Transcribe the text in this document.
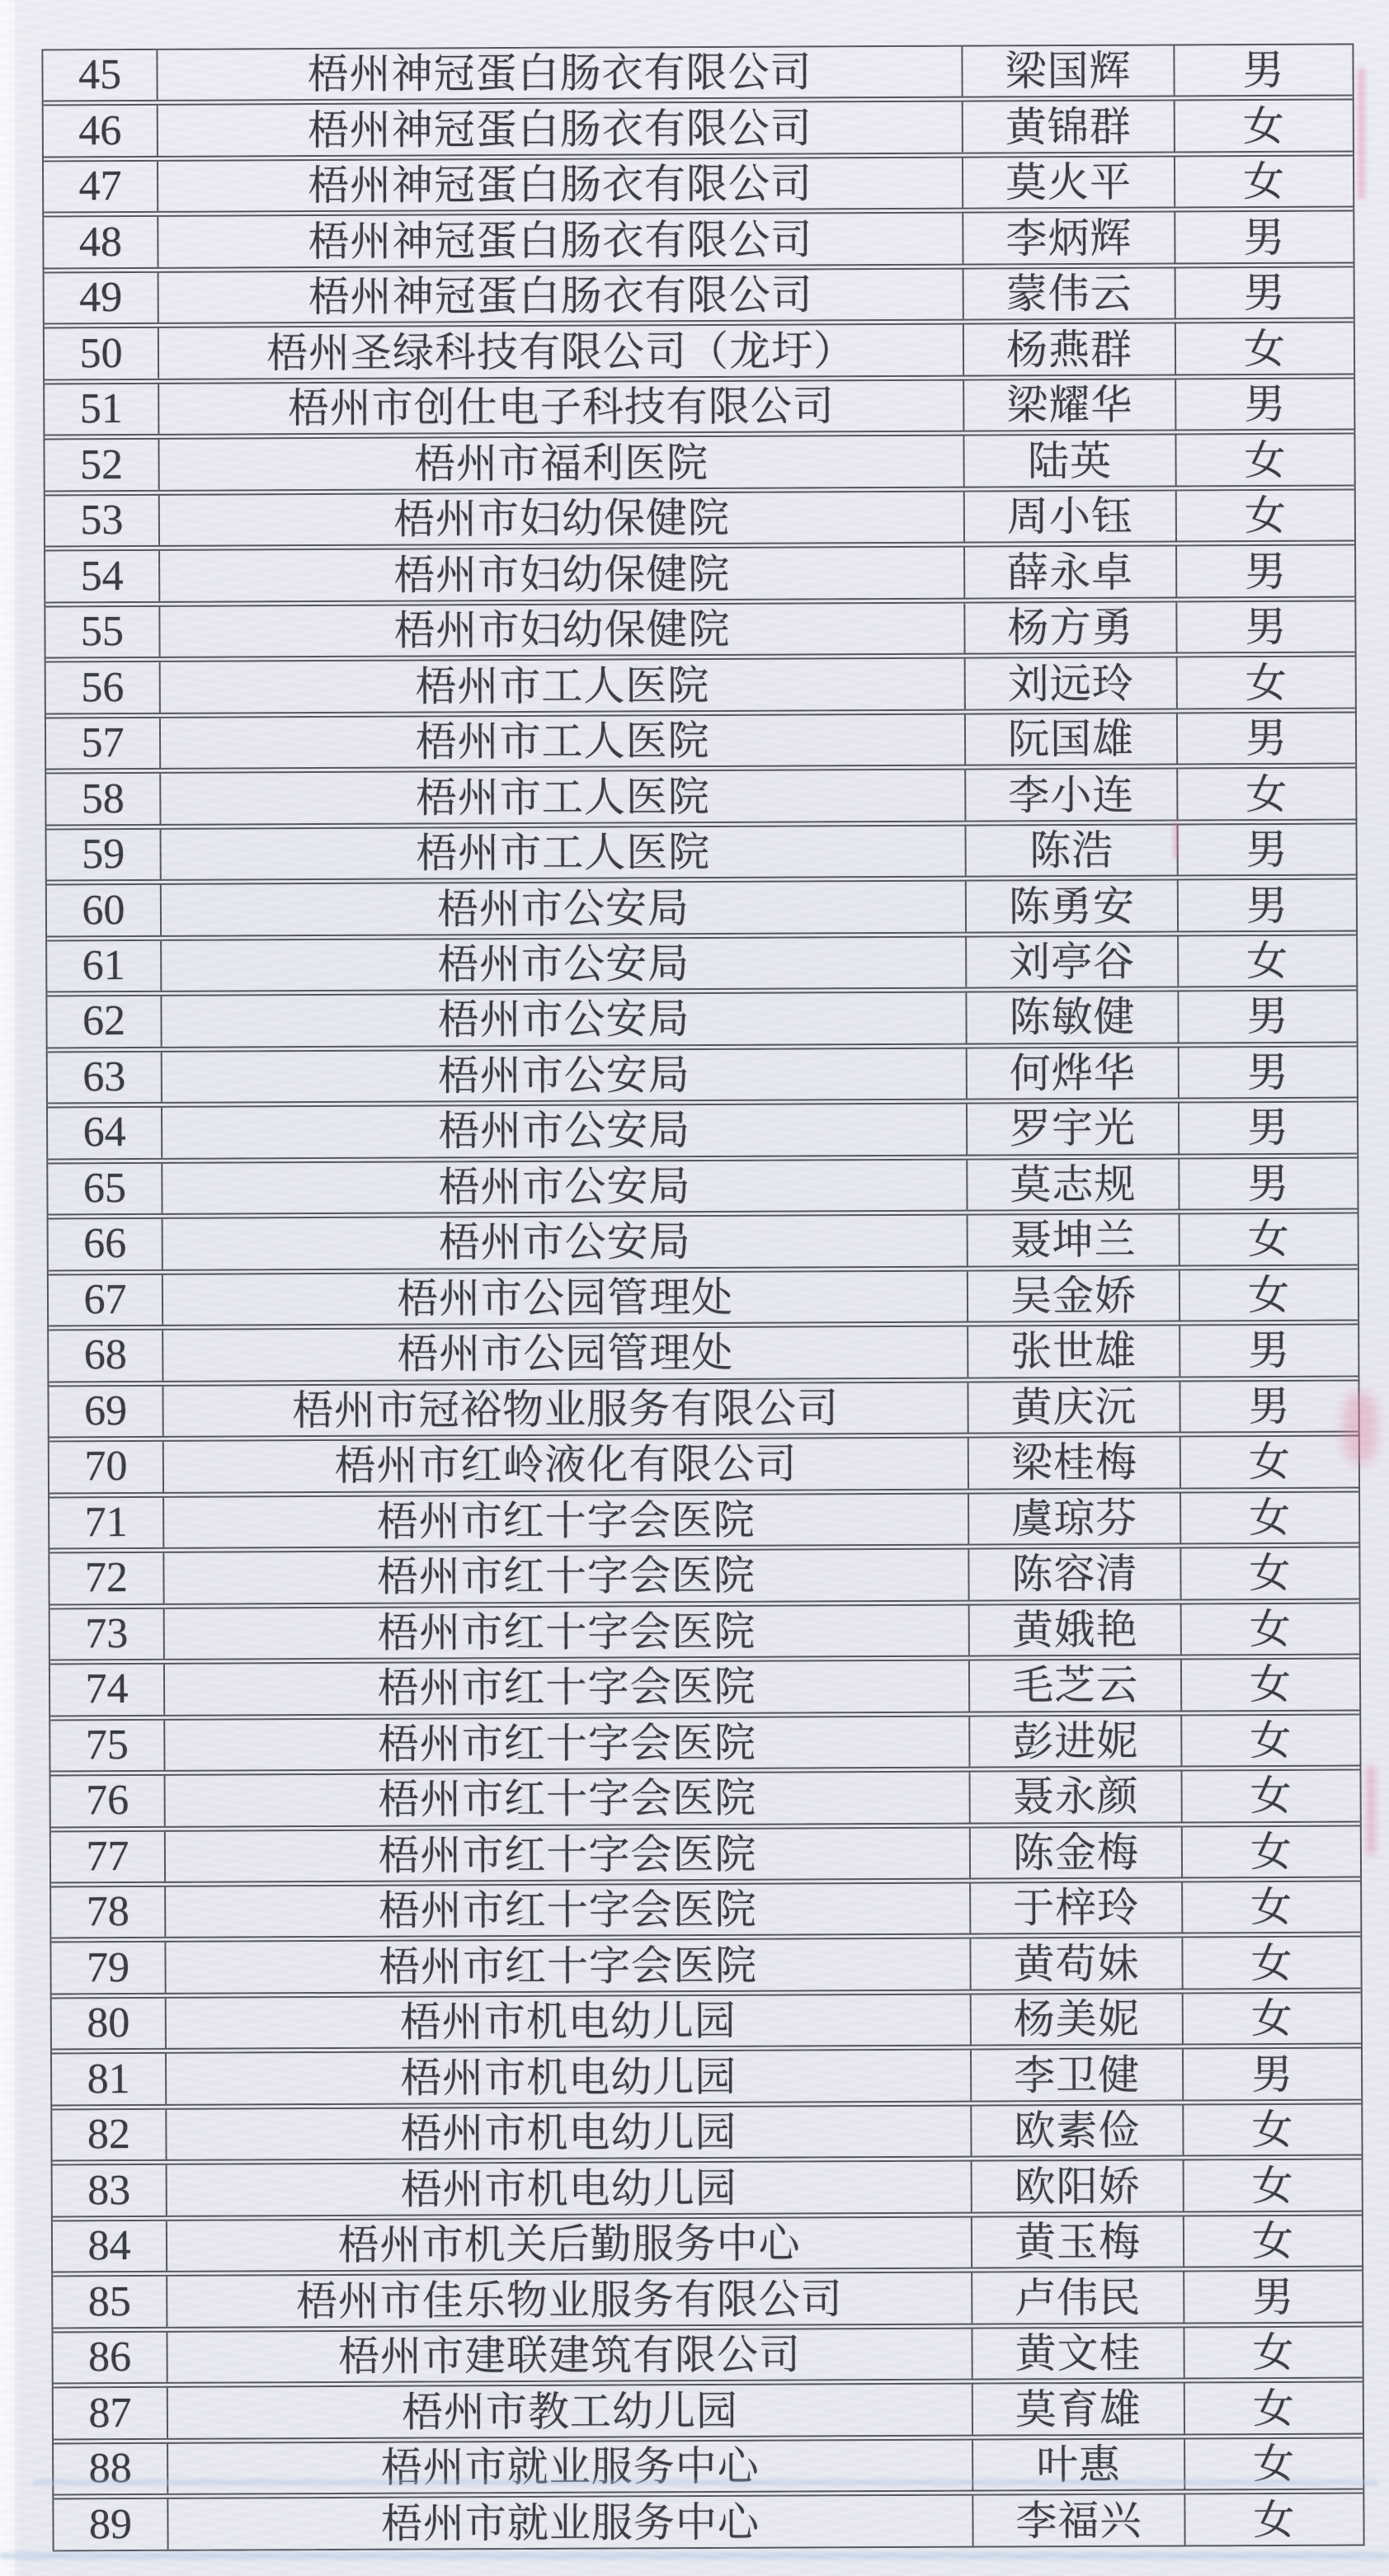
45	梧州神冠蛋白肠衣有限公司	梁国辉	男
46	梧州神冠蛋白肠衣有限公司	黄锦群	女
47	梧州神冠蛋白肠衣有限公司	莫火平	女
48	梧州神冠蛋白肠衣有限公司	李炳辉	男
49	梧州神冠蛋白肠衣有限公司	蒙伟云	男
50	梧州圣绿科技有限公司（龙圩）	杨燕群	女
51	梧州市创仕电子科技有限公司	梁耀华	男
52	梧州市福利医院	陆英	女
53	梧州市妇幼保健院	周小钰	女
54	梧州市妇幼保健院	薛永卓	男
55	梧州市妇幼保健院	杨方勇	男
56	梧州市工人医院	刘远玲	女
57	梧州市工人医院	阮国雄	男
58	梧州市工人医院	李小连	女
59	梧州市工人医院	陈浩	男
60	梧州市公安局	陈勇安	男
61	梧州市公安局	刘亭谷	女
62	梧州市公安局	陈敏健	男
63	梧州市公安局	何烨华	男
64	梧州市公安局	罗宇光	男
65	梧州市公安局	莫志规	男
66	梧州市公安局	聂坤兰	女
67	梧州市公园管理处	吴金娇	女
68	梧州市公园管理处	张世雄	男
69	梧州市冠裕物业服务有限公司	黄庆沅	男
70	梧州市红岭液化有限公司	梁桂梅	女
71	梧州市红十字会医院	虞琼芬	女
72	梧州市红十字会医院	陈容清	女
73	梧州市红十字会医院	黄娥艳	女
74	梧州市红十字会医院	毛芝云	女
75	梧州市红十字会医院	彭进妮	女
76	梧州市红十字会医院	聂永颜	女
77	梧州市红十字会医院	陈金梅	女
78	梧州市红十字会医院	于梓玲	女
79	梧州市红十字会医院	黄苟妹	女
80	梧州市机电幼儿园	杨美妮	女
81	梧州市机电幼儿园	李卫健	男
82	梧州市机电幼儿园	欧素俭	女
83	梧州市机电幼儿园	欧阳娇	女
84	梧州市机关后勤服务中心	黄玉梅	女
85	梧州市佳乐物业服务有限公司	卢伟民	男
86	梧州市建联建筑有限公司	黄文桂	女
87	梧州市教工幼儿园	莫育雄	女
88	梧州市就业服务中心	叶惠	女
89	梧州市就业服务中心	李福兴	女
